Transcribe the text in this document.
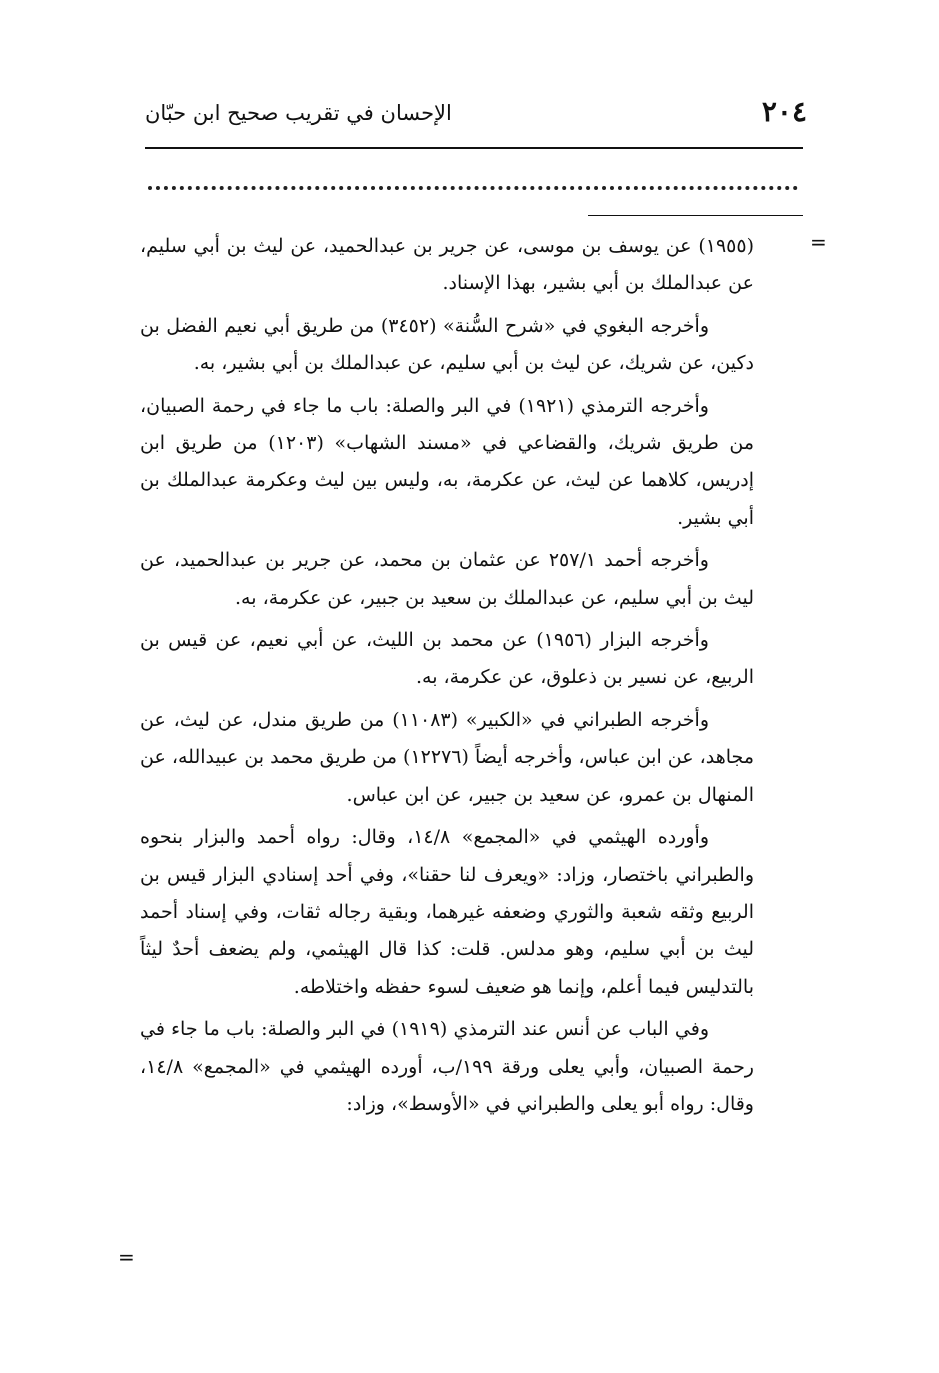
٢٠٤
الإحسان في تقريب صحيح ابن حبّان
=

(١٩٥٥) عن يوسف بن موسى، عن جرير بن عبدالحميد، عن ليث بن أبي سليم، عن عبدالملك بن أبي بشير، بهذا الإسناد.

وأخرجه البغوي في «شرح السُّنة» (٣٤٥٢) من طريق أبي نعيم الفضل بن دكين، عن شريك، عن ليث بن أبي سليم، عن عبدالملك بن أبي بشير، به.

وأخرجه الترمذي (١٩٢١) في البر والصلة: باب ما جاء في رحمة الصبيان، من طريق شريك، والقضاعي في «مسند الشهاب» (١٢٠٣) من طريق ابن إدريس، كلاهما عن ليث، عن عكرمة، به، وليس بين ليث وعكرمة عبدالملك بن أبي بشير.

وأخرجه أحمد ٢٥٧/١ عن عثمان بن محمد، عن جرير بن عبدالحميد، عن ليث بن أبي سليم، عن عبدالملك بن سعيد بن جبير، عن عكرمة، به.

وأخرجه البزار (١٩٥٦) عن محمد بن الليث، عن أبي نعيم، عن قيس بن الربيع، عن نسير بن ذعلوق، عن عكرمة، به.

وأخرجه الطبراني في «الكبير» (١١٠٨٣) من طريق مندل، عن ليث، عن مجاهد، عن ابن عباس، وأخرجه أيضاً (١٢٢٧٦) من طريق محمد بن عبيدالله، عن المنهال بن عمرو، عن سعيد بن جبير، عن ابن عباس.

وأورده الهيثمي في «المجمع» ١٤/٨، وقال: رواه أحمد والبزار بنحوه والطبراني باختصار، وزاد: «ويعرف لنا حقنا»، وفي أحد إسنادي البزار قيس بن الربيع وثقه شعبة والثوري وضعفه غيرهما، وبقية رجاله ثقات، وفي إسناد أحمد ليث بن أبي سليم، وهو مدلس. قلت: كذا قال الهيثمي، ولم يضعف أحدٌ ليثاً بالتدليس فيما أعلم، وإنما هو ضعيف لسوء حفظه واختلاطه.

وفي الباب عن أنس عند الترمذي (١٩١٩) في البر والصلة: باب ما جاء في رحمة الصبيان، وأبي يعلى ورقة ١٩٩/ب، أورده الهيثمي في «المجمع» ١٤/٨، وقال: رواه أبو يعلى والطبراني في «الأوسط»، وزاد:

=
